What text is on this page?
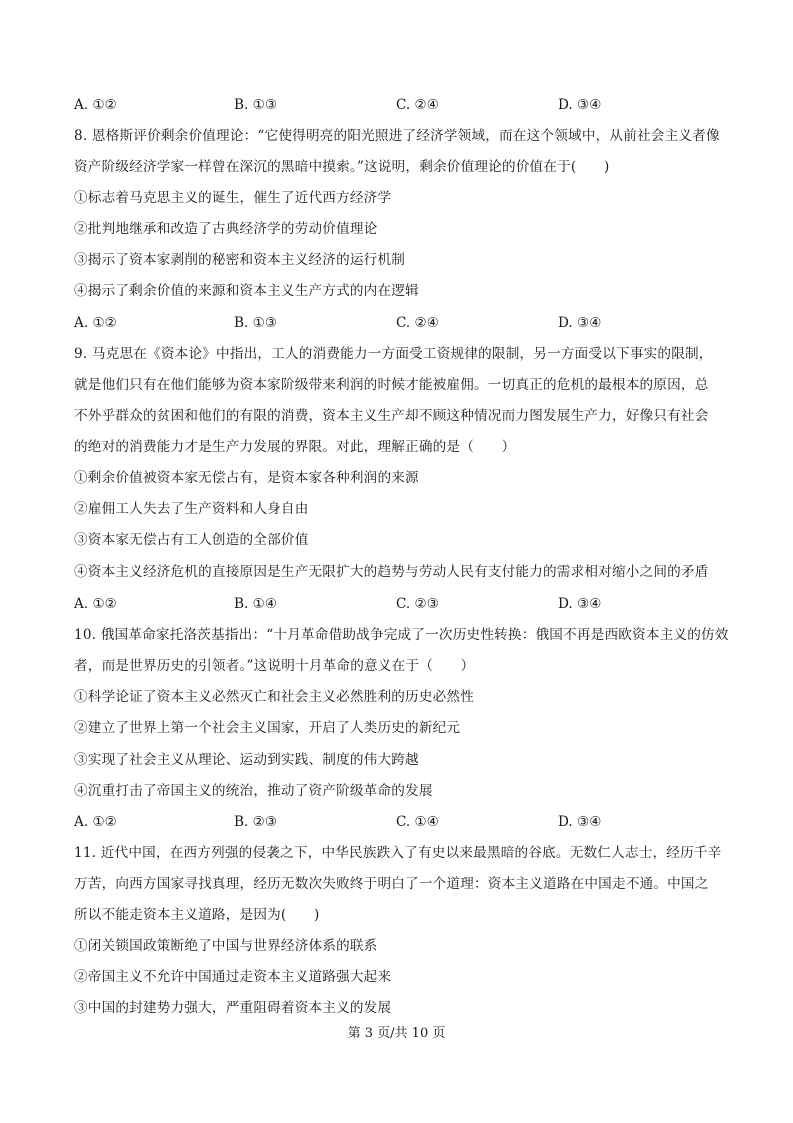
A. ①②	B. ①③	C. ②④	D. ③④
8. 恩格斯评价剩余价值理论：“它使得明亮的阳光照进了经济学领域，而在这个领域中，从前社会主义者像
资产阶级经济学家一样曾在深沉的黑暗中摸索。”这说明，剩余价值理论的价值在于(　　)
①标志着马克思主义的诞生，催生了近代西方经济学
②批判地继承和改造了古典经济学的劳动价值理论
③揭示了资本家剥削的秘密和资本主义经济的运行机制
④揭示了剩余价值的来源和资本主义生产方式的内在逻辑
A. ①②	B. ①③	C. ②④	D. ③④
9. 马克思在《资本论》中指出，工人的消费能力一方面受工资规律的限制，另一方面受以下事实的限制，
就是他们只有在他们能够为资本家阶级带来利润的时候才能被雇佣。一切真正的危机的最根本的原因，总
不外乎群众的贫困和他们的有限的消费，资本主义生产却不顾这种情况而力图发展生产力，好像只有社会
的绝对的消费能力才是生产力发展的界限。对此，理解正确的是（　　）
①剩余价值被资本家无偿占有，是资本家各种利润的来源
②雇佣工人失去了生产资料和人身自由
③资本家无偿占有工人创造的全部价值
④资本主义经济危机的直接原因是生产无限扩大的趋势与劳动人民有支付能力的需求相对缩小之间的矛盾
A. ①②	B. ①④	C. ②③	D. ③④
10. 俄国革命家托洛茨基指出：“十月革命借助战争完成了一次历史性转换：俄国不再是西欧资本主义的仿效
者，而是世界历史的引领者。”这说明十月革命的意义在于（　　）
①科学论证了资本主义必然灭亡和社会主义必然胜利的历史必然性
②建立了世界上第一个社会主义国家，开启了人类历史的新纪元
③实现了社会主义从理论、运动到实践、制度的伟大跨越
④沉重打击了帝国主义的统治，推动了资产阶级革命的发展
A. ①②	B. ②③	C. ①④	D. ③④
11. 近代中国，在西方列强的侵袭之下，中华民族跌入了有史以来最黑暗的谷底。无数仁人志士，经历千辛
万苦，向西方国家寻找真理，经历无数次失败终于明白了一个道理：资本主义道路在中国走不通。中国之
所以不能走资本主义道路，是因为(　　)
①闭关锁国政策断绝了中国与世界经济体系的联系
②帝国主义不允许中国通过走资本主义道路强大起来
③中国的封建势力强大，严重阻碍着资本主义的发展
第 3 页/共 10 页
